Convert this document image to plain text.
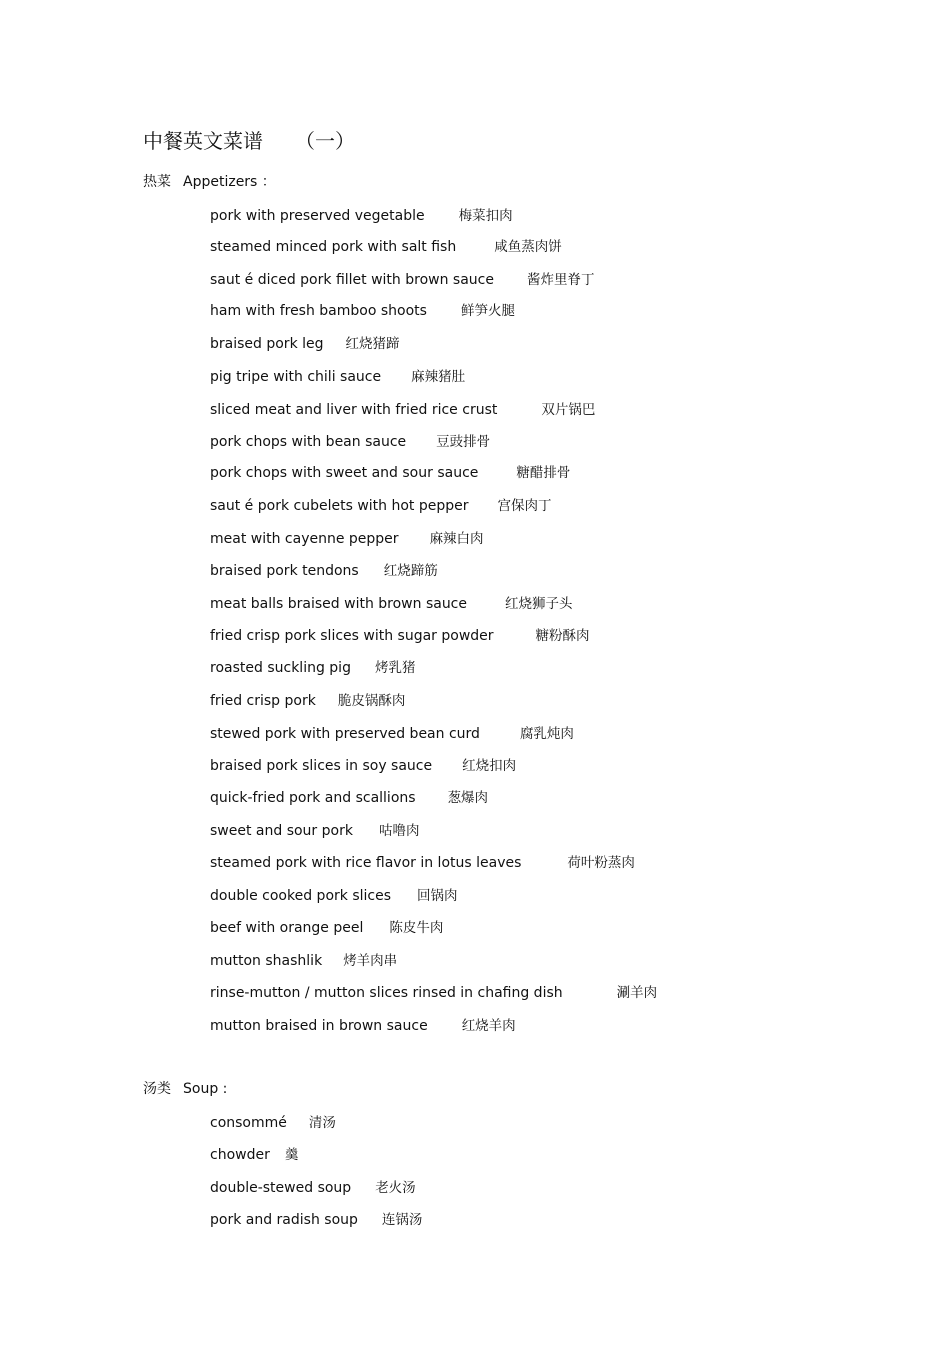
中餐英文菜谱 （一）
热菜 Appetizers ：
pork with preserved vegetable	梅菜扣肉
steamed minced pork with salt fish	咸鱼蒸肉饼
saut é diced pork fillet with brown sauce 酱炸里脊丁
ham with fresh bamboo shoots	鲜笋火腿
braised pork leg 红烧猪蹄
pig tripe with chili sauce 麻辣猪肚
sliced meat and liver with fried rice crust	双片锅巴
pork chops with bean sauce 豆豉排骨
pork chops with sweet and sour sauce	糖醋排骨
saut é pork cubelets with hot pepper 宫保肉丁
meat with cayenne pepper 麻辣白肉
braised pork tendons 红烧蹄筋
meat balls braised with brown sauce	红烧狮子头
fried crisp pork slices with sugar powder	糖粉酥肉
roasted suckling pig 烤乳猪
fried crisp pork 脆皮锅酥肉
stewed pork with preserved bean curd	腐乳炖肉
braised pork slices in soy sauce 红烧扣肉
quick-fried pork and scallions 葱爆肉
sweet and sour pork 咕噜肉
steamed pork with rice flavor in lotus leaves	荷叶粉蒸肉
double cooked pork slices 回锅肉
beef with orange peel 陈皮牛肉
mutton shashlik 烤羊肉串
rinse-mutton / mutton slices rinsed in chafing dish	涮羊肉
mutton braised in brown sauce	红烧羊肉
汤类 Soup :
consommé 清汤
chowder 羹
double-stewed soup 老火汤
pork and radish soup 连锅汤
